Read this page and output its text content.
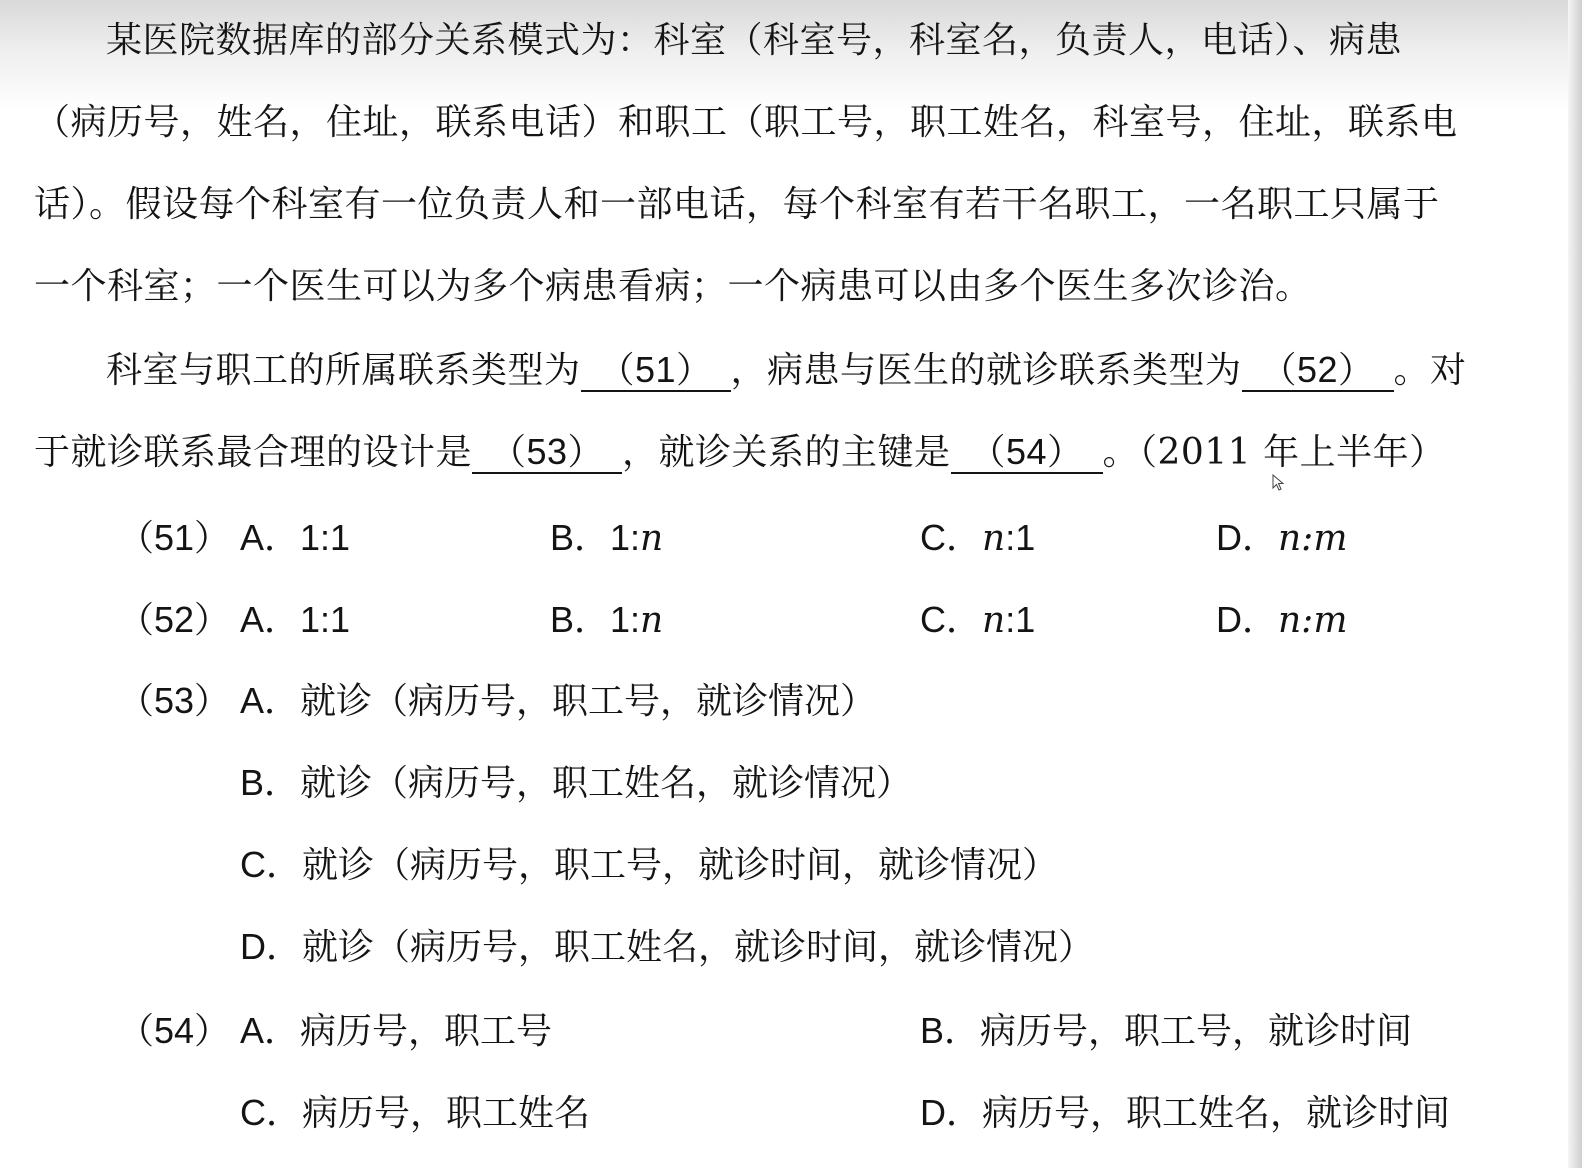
某医院数据库的部分关系模式为：科室（科室号，科室名，负责人，电话）、病患
（病历号，姓名，住址，联系电话）和职工（职工号，职工姓名，科室号，住址，联系电
话）。假设每个科室有一位负责人和一部电话，每个科室有若干名职工，一名职工只属于
一个科室；一个医生可以为多个病患看病；一个病患可以由多个医生多次诊治。
科室与职工的所属联系类型为 （51） ，病患与医生的就诊联系类型为 （52） 。对
于就诊联系最合理的设计是 （53） ，就诊关系的主键是 （54） 。（2011 年上半年）
（51） A．1:1	B．1:n	C．n:1	D．n:m
（52） A．1:1	B．1:n	C．n:1	D．n:m
（53） A．就诊（病历号，职工号，就诊情况）
B．就诊（病历号，职工姓名，就诊情况）
C．就诊（病历号，职工号，就诊时间，就诊情况）
D．就诊（病历号，职工姓名，就诊时间，就诊情况）
（54） A．病历号，职工号	B．病历号，职工号，就诊时间
C．病历号，职工姓名	D．病历号，职工姓名，就诊时间
